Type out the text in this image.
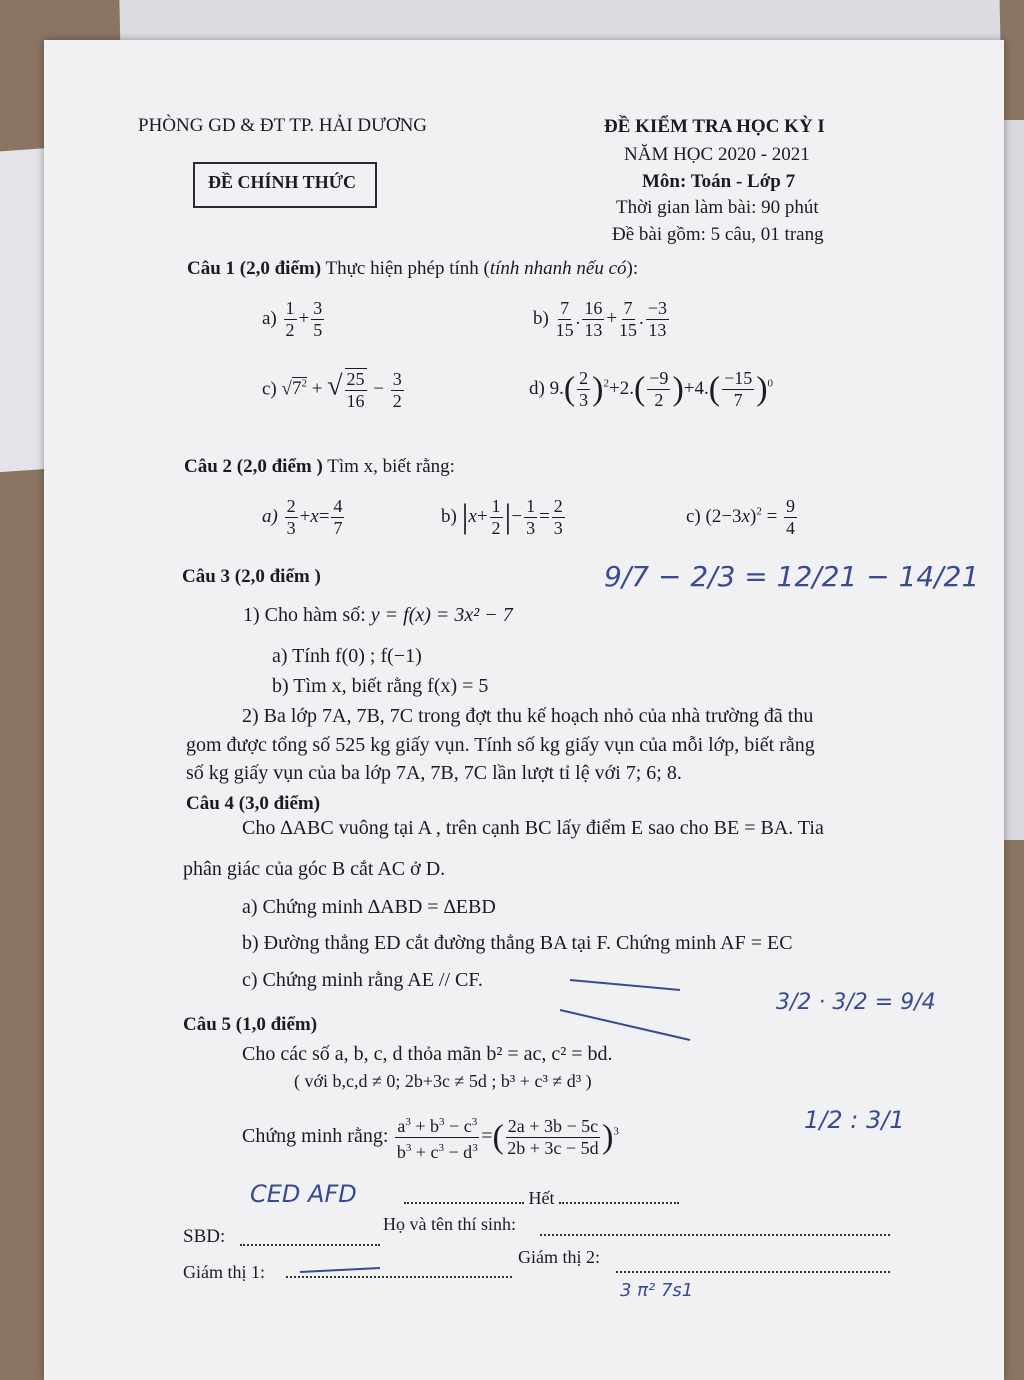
PHÒNG GD & ĐT TP. HẢI DƯƠNG
ĐỀ CHÍNH THỨC
ĐỀ KIỂM TRA HỌC KỲ I
NĂM HỌC 2020 - 2021
Môn: Toán - Lớp 7
Thời gian làm bài: 90 phút
Đề bài gồm: 5 câu, 01 trang
Câu 1 (2,0 điểm) Thực hiện phép tính (tính nhanh nếu có):
$a) \frac{1}{2} + \frac{3}{5}$	$b) \frac{7}{15}$ . $\frac{16}{13} + \frac{7}{15}$ . $\frac{-3}{13}$
c) $√7^2$ + √ $\frac{25}{16} - \frac{3}{2}$	d) $9.( \frac{2}{3} )^2+2.( \frac{-9}{2} )+4.( \frac{-15}{7} )^0$
Câu 2 (2,0 điểm ) Tìm x, biết rằng:
$a) \frac{2}{3} +x= \frac{4}{7}$	b) $|x+ \frac{1}{2}$ |− $\frac{1}{3} = \frac{2}{3}$	c) $(2-3x)^2 = \frac{9}{4}$
Câu 3 (2,0 điểm )
1) Cho hàm số: y = f(x) = 3x² − 7
a) Tính f(0) ; f(−1)
b) Tìm x, biết rằng f(x) = 5
2) Ba lớp 7A, 7B, 7C trong đợt thu kế hoạch nhỏ của nhà trường đã thu
gom được tổng số 525 kg giấy vụn. Tính số kg giấy vụn của mỗi lớp, biết rằng
số kg giấy vụn của ba lớp 7A, 7B, 7C lần lượt tỉ lệ với 7; 6; 8.
Câu 4 (3,0 điểm)
Cho ∆ABC vuông tại A , trên cạnh BC lấy điểm E sao cho BE = BA. Tia
phân giác của góc B cắt AC ở D.
a) Chứng minh ∆ABD = ∆EBD
b) Đường thẳng ED cắt đường thẳng BA tại F. Chứng minh AF = EC
c) Chứng minh rằng AE // CF.
Câu 5 (1,0 điểm)
Cho các số a, b, c, d thỏa mãn b² = ac, c² = bd.
( với b,c,d ≠ 0; 2b+3c ≠ 5d ; b³ + c³ ≠ d³ )
Chứng minh rằng: $\frac{a^3 + b^3 - c^3}{b^3 + c^3 - d^3}$ =( $\frac{2a + 3b - 5c}{2b + 3c - 5d} )^3$
Hết
SBD:
Họ và tên thí sinh:
Giám thị 1:
Giám thị 2:
9/7 − 2/3 = 12/21 − 14/21
3/2 · 3/2 = 9/4
1/2 : 3/1
CED AFD
3 π² 7s1
